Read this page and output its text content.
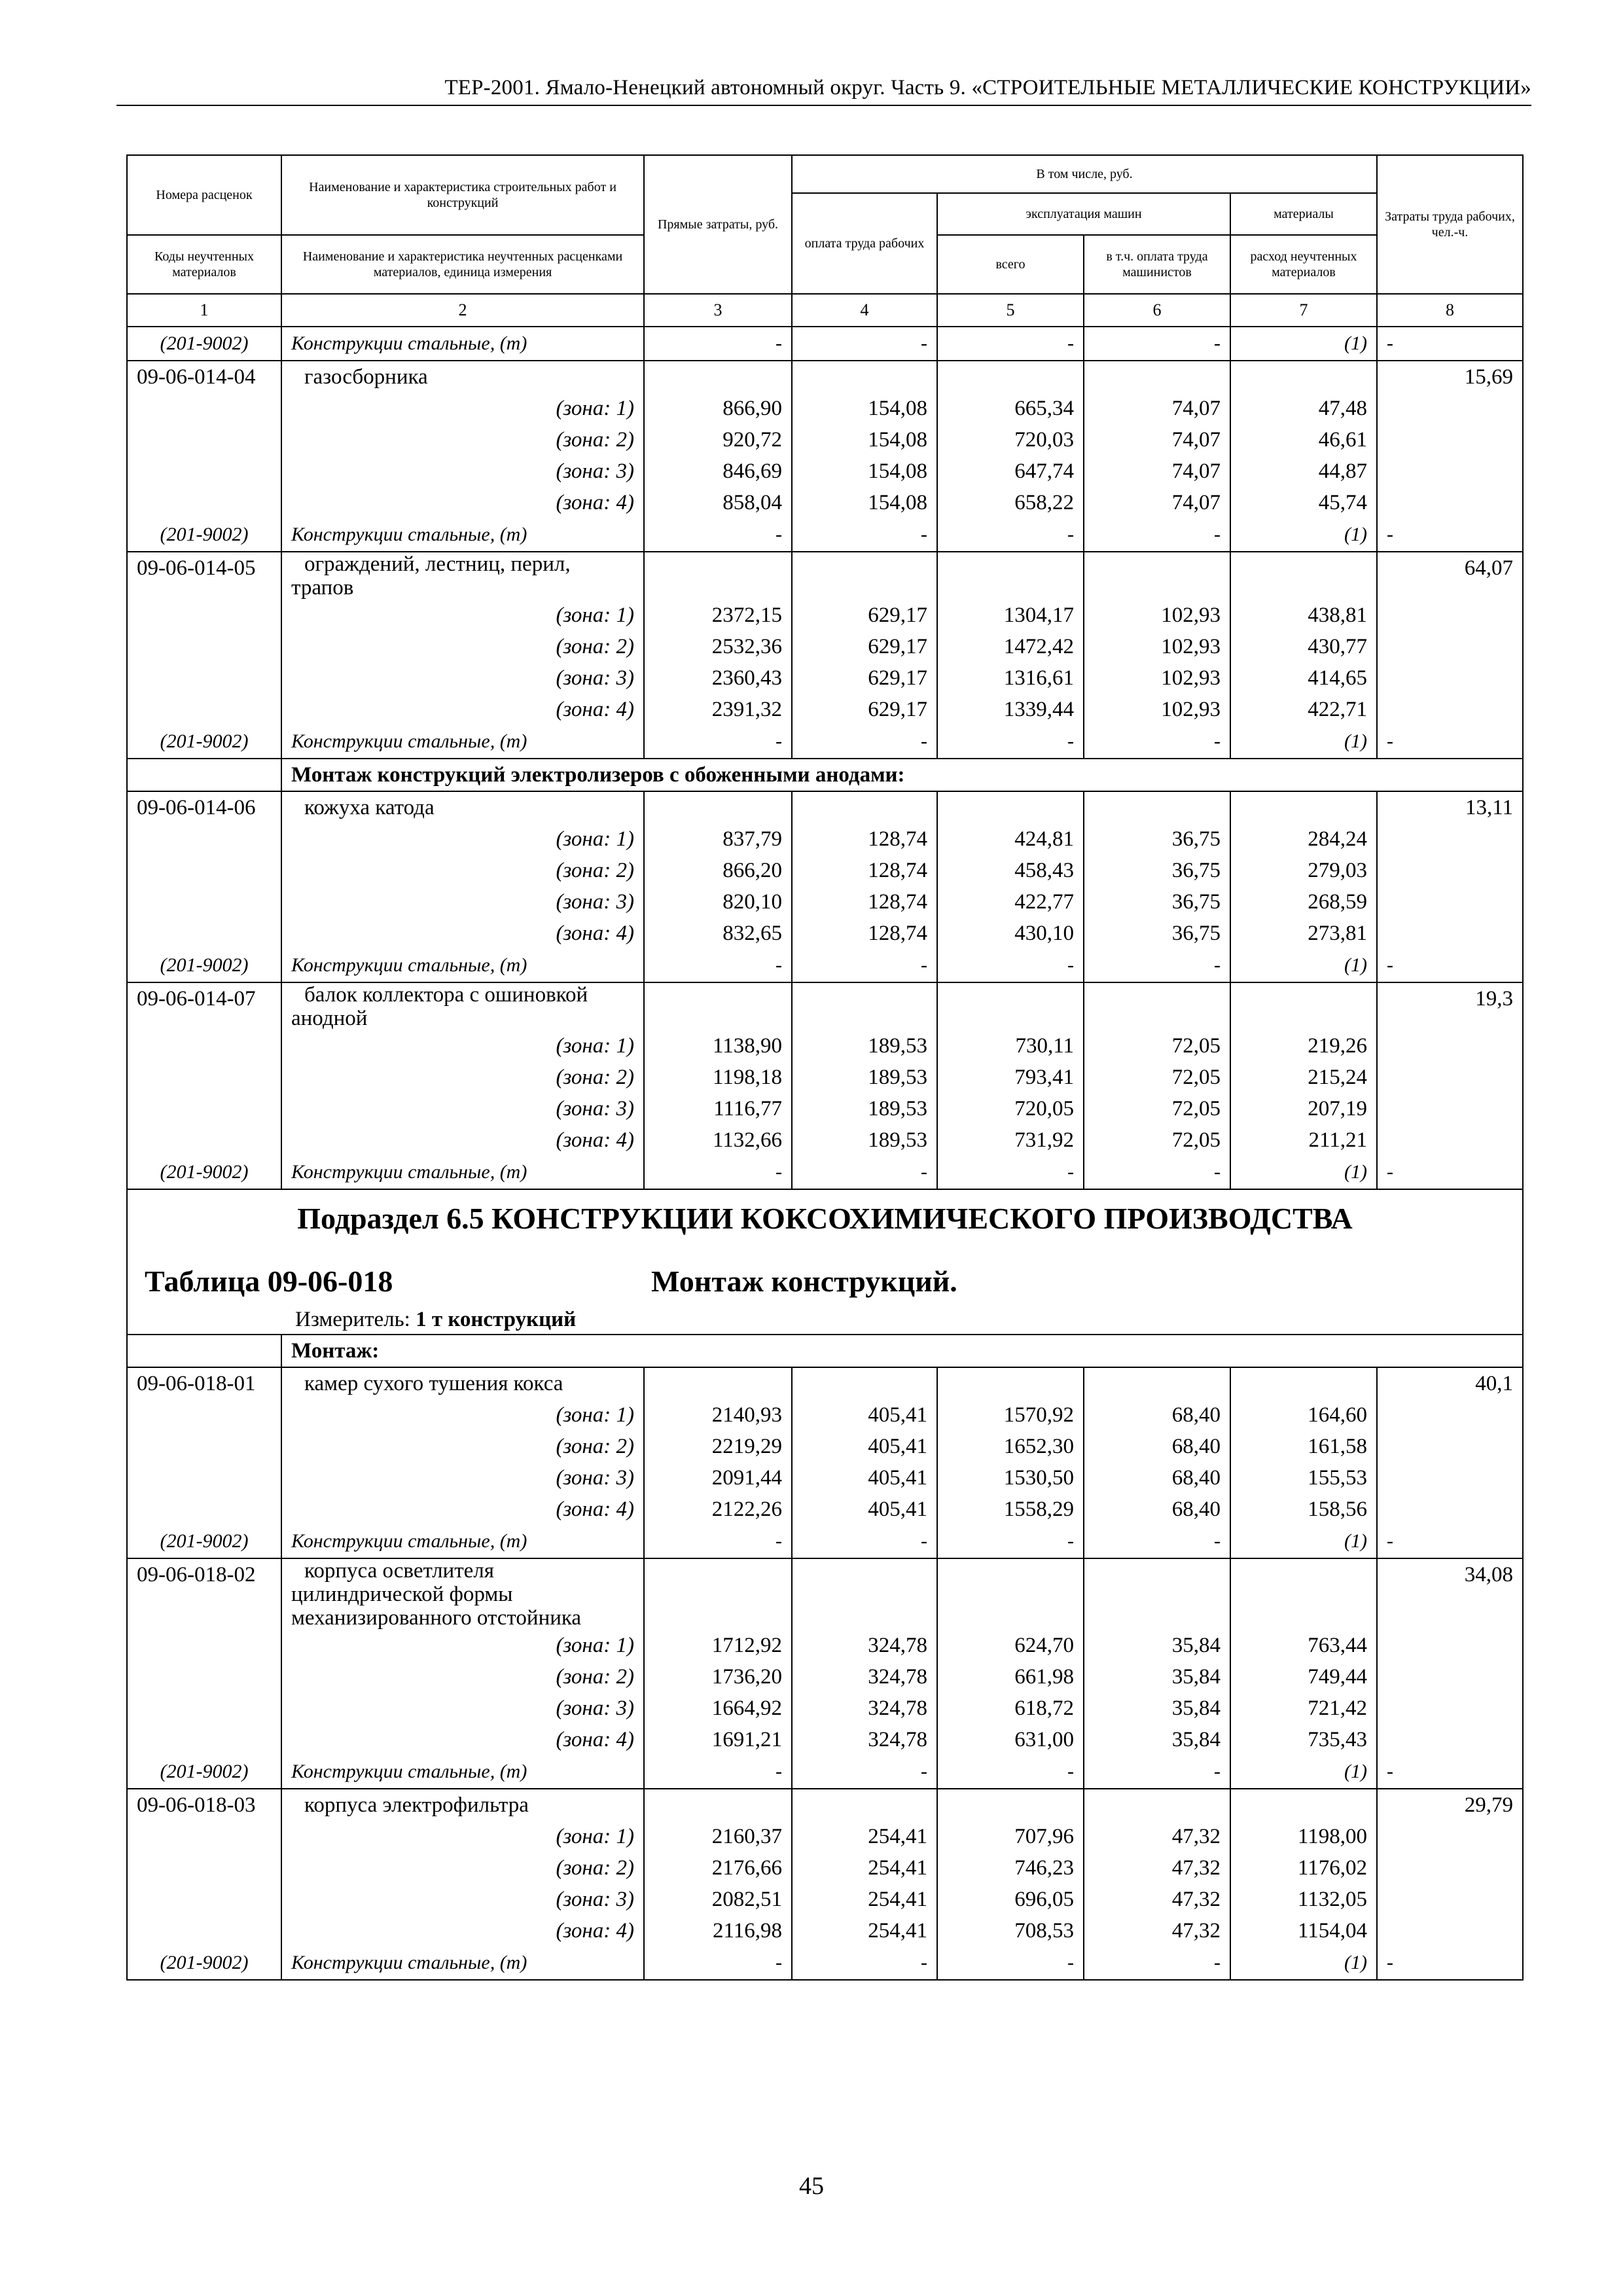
ТЕР-2001. Ямало-Ненецкий автономный округ. Часть 9. «СТРОИТЕЛЬНЫЕ МЕТАЛЛИЧЕСКИЕ КОНСТРУКЦИИ»
Номера расценок	Наименование и характеристика строительных работ и конструкций	Прямые затраты, руб.	В том числе, руб.				Затраты труда рабочих, чел.-ч.
			оплата труда рабочих	эксплуатация машин		материалы	
Коды неучтенных материалов	Наименование и характеристика неучтенных расценками материалов, единица измерения			всего	в т.ч. оплата труда машинистов	расход неучтенных материалов	
1	2	3	4	5	6	7	8
(201-9002)	Конструкции стальные, (т)	-	-	-	-	(1)	-
09-06-014-04	газосборника						15,69
	(зона: 1)	866,90	154,08	665,34	74,07	47,48	
	(зона: 2)	920,72	154,08	720,03	74,07	46,61	
	(зона: 3)	846,69	154,08	647,74	74,07	44,87	
	(зона: 4)	858,04	154,08	658,22	74,07	45,74	
(201-9002)	Конструкции стальные, (т)	-	-	-	-	(1)	-
09-06-014-05	ограждений, лестниц, перил, трапов						64,07
	(зона: 1)	2372,15	629,17	1304,17	102,93	438,81	
	(зона: 2)	2532,36	629,17	1472,42	102,93	430,77	
	(зона: 3)	2360,43	629,17	1316,61	102,93	414,65	
	(зона: 4)	2391,32	629,17	1339,44	102,93	422,71	
(201-9002)	Конструкции стальные, (т)	-	-	-	-	(1)	-
	Монтаж конструкций электролизеров с обоженными анодами:						
09-06-014-06	кожуха катода						13,11
	(зона: 1)	837,79	128,74	424,81	36,75	284,24	
	(зона: 2)	866,20	128,74	458,43	36,75	279,03	
	(зона: 3)	820,10	128,74	422,77	36,75	268,59	
	(зона: 4)	832,65	128,74	430,10	36,75	273,81	
(201-9002)	Конструкции стальные, (т)	-	-	-	-	(1)	-
09-06-014-07	балок коллектора с ошиновкой анодной						19,3
	(зона: 1)	1138,90	189,53	730,11	72,05	219,26	
	(зона: 2)	1198,18	189,53	793,41	72,05	215,24	
	(зона: 3)	1116,77	189,53	720,05	72,05	207,19	
	(зона: 4)	1132,66	189,53	731,92	72,05	211,21	
(201-9002)	Конструкции стальные, (т)	-	-	-	-	(1)	-

Подраздел 6.5 КОНСТРУКЦИИ КОКСОХИМИЧЕСКОГО ПРОИЗВОДСТВА
Таблица 09-06-018 Монтаж конструкций.
Измеритель: 1 т конструкций							

	Монтаж:						
09-06-018-01	камер сухого тушения кокса						40,1
	(зона: 1)	2140,93	405,41	1570,92	68,40	164,60	
	(зона: 2)	2219,29	405,41	1652,30	68,40	161,58	
	(зона: 3)	2091,44	405,41	1530,50	68,40	155,53	
	(зона: 4)	2122,26	405,41	1558,29	68,40	158,56	
(201-9002)	Конструкции стальные, (т)	-	-	-	-	(1)	-
09-06-018-02	корпуса осветлителя цилиндрической формы механизированного отстойника						34,08
	(зона: 1)	1712,92	324,78	624,70	35,84	763,44	
	(зона: 2)	1736,20	324,78	661,98	35,84	749,44	
	(зона: 3)	1664,92	324,78	618,72	35,84	721,42	
	(зона: 4)	1691,21	324,78	631,00	35,84	735,43	
(201-9002)	Конструкции стальные, (т)	-	-	-	-	(1)	-
09-06-018-03	корпуса электрофильтра						29,79
	(зона: 1)	2160,37	254,41	707,96	47,32	1198,00	
	(зона: 2)	2176,66	254,41	746,23	47,32	1176,02	
	(зона: 3)	2082,51	254,41	696,05	47,32	1132,05	
	(зона: 4)	2116,98	254,41	708,53	47,32	1154,04	
(201-9002)	Конструкции стальные, (т)	-	-	-	-	(1)	-
45
